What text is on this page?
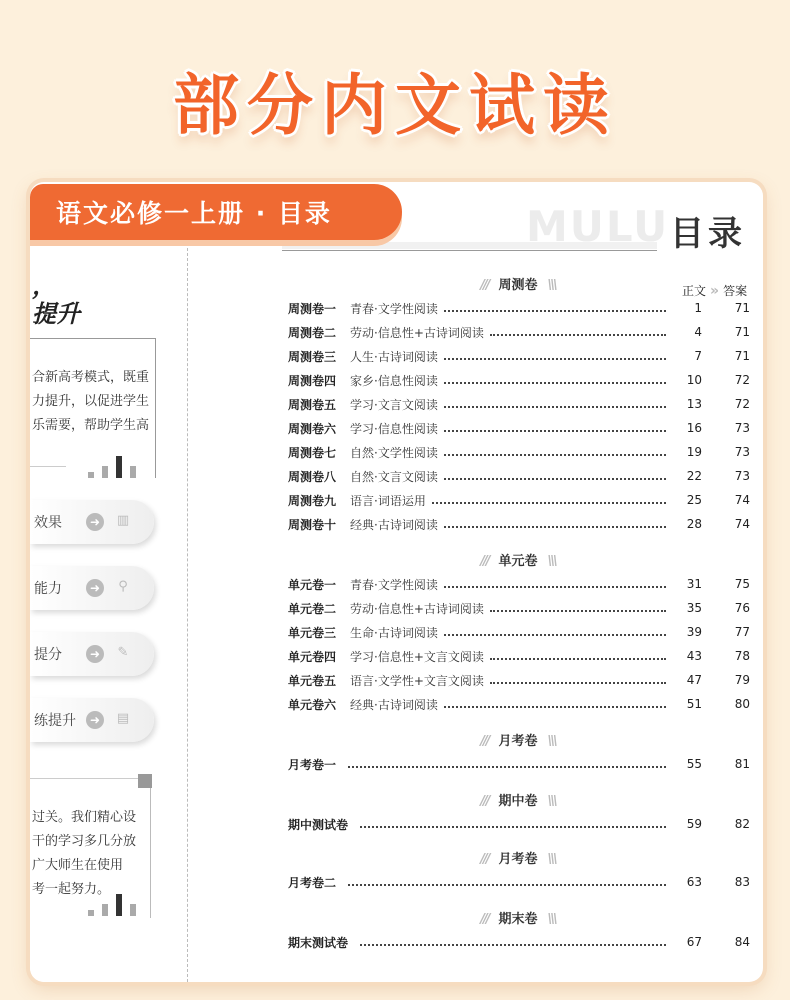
部分内文试读
，
提升
合新高考模式，既重
力提升，以促进学生
乐需要，帮助学生高
效果	➜	▥
能力	➜	⚲
提分	➜	✎
练提升	➜	▤
过关。我们精心设
干的学习多几分放
广大师生在使用
考一起努力。
MULU 目录
正文 » 答案
/// 周测卷 \\\
周测卷一	青春·文学性阅读	1	71
周测卷二	劳动·信息性+古诗词阅读	4	71
周测卷三	人生·古诗词阅读	7	71
周测卷四	家乡·信息性阅读	10	72
周测卷五	学习·文言文阅读	13	72
周测卷六	学习·信息性阅读	16	73
周测卷七	自然·文学性阅读	19	73
周测卷八	自然·文言文阅读	22	73
周测卷九	语言·词语运用	25	74
周测卷十	经典·古诗词阅读	28	74
/// 单元卷 \\\
单元卷一	青春·文学性阅读	31	75
单元卷二	劳动·信息性+古诗词阅读	35	76
单元卷三	生命·古诗词阅读	39	77
单元卷四	学习·信息性+文言文阅读	43	78
单元卷五	语言·文学性+文言文阅读	47	79
单元卷六	经典·古诗词阅读	51	80
/// 月考卷 \\\
月考卷一	55	81
/// 期中卷 \\\
期中测试卷	59	82
/// 月考卷 \\\
月考卷二	63	83
/// 期末卷 \\\
期末测试卷	67	84
语文必修一上册 · 目录
